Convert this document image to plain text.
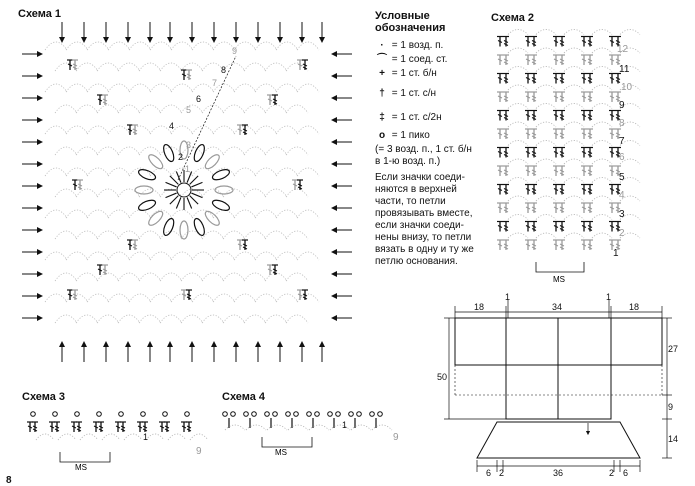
Схема 1	Схема 2
Схема 3	Схема 4
Условные
обозначения
· = 1 возд. п.
⌒ = 1 соед. ст.
+ = 1 ст. б/н
† = 1 ст. с/н
‡ = 1 ст. с/2н
o = 1 пико
(= 3 возд. п., 1 ст. б/н
в 1-ю возд. п.)
Если значки соеди-
няются в верхней
части, то петли
провязывать вместе,
если значки соеди-
нены внизу, то петли
вязать в одну и ту же
петлю основания.
9
8
7
6
5
4
3
2
1
12
11
10
9
8
7
6
5
4
3
2
1
MS
MS
1
9	MS
1
9
18
1
34
1
18
27
9
14
50
6 2	36	2 6
8
